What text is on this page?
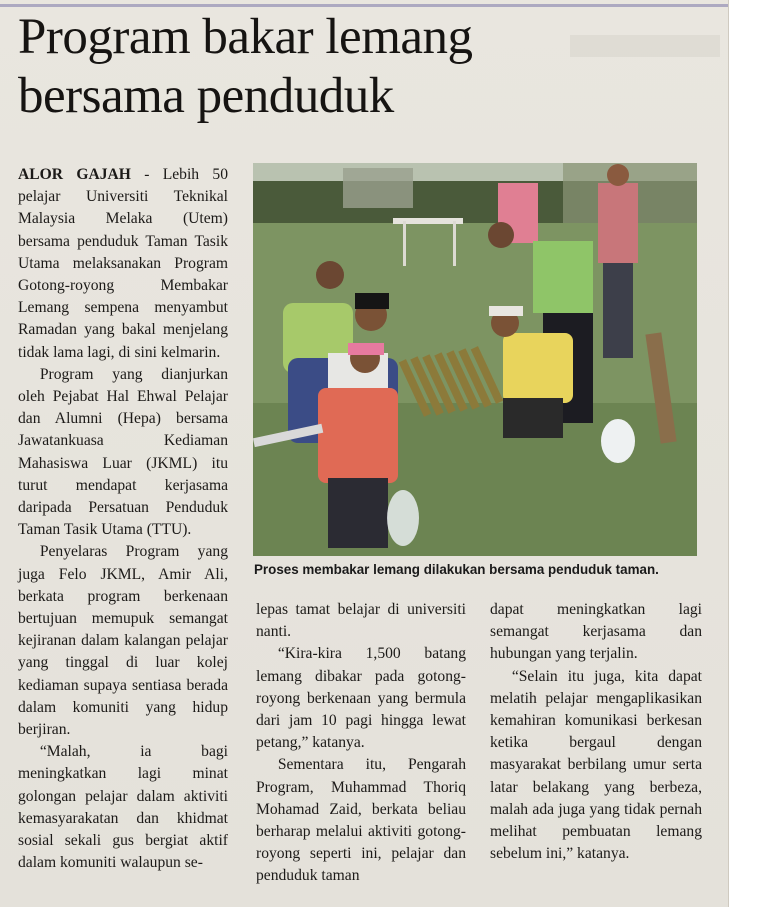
Program bakar lemang
bersama penduduk

ALOR GAJAH - Lebih 50 pelajar Universiti Teknikal Malaysia Melaka (Utem) bersama penduduk Taman Tasik Utama melaksanakan Program Gotong-royong Membakar Lemang sempena menyambut Ramadan yang bakal menjelang tidak lama lagi, di sini kelmarin.

Program yang dianjurkan oleh Pejabat Hal Ehwal Pelajar dan Alumni (Hepa) bersama Jawatankuasa Kediaman Mahasiswa Luar (JKML) itu turut mendapat kerjasama daripada Persatuan Penduduk Taman Tasik Utama (TTU).

Penyelaras Program yang juga Felo JKML, Amir Ali, berkata program berkenaan bertujuan memupuk semangat kejiranan dalam kalangan pelajar yang tinggal di luar kolej kediaman supaya sentiasa berada dalam komuniti yang hidup berjiran.

“Malah, ia bagi meningkatkan lagi minat golongan pelajar dalam aktiviti kemasyarakatan dan khidmat sosial sekali gus bergiat aktif dalam komuniti walaupun se-

Proses membakar lemang dilakukan bersama penduduk taman.

lepas tamat belajar di universiti nanti.

“Kira-kira 1,500 batang lemang dibakar pada gotong-royong berkenaan yang bermula dari jam 10 pagi hingga lewat petang,” katanya.

Sementara itu, Pengarah Program, Muhammad Thoriq Mohamad Zaid, berkata beliau berharap melalui aktiviti gotong-royong seperti ini, pelajar dan penduduk taman

dapat meningkatkan lagi semangat kerjasama dan hubungan yang terjalin.

“Selain itu juga, kita dapat melatih pelajar mengaplikasikan kemahiran komunikasi berkesan ketika bergaul dengan masyarakat berbilang umur serta latar belakang yang berbeza, malah ada juga yang tidak pernah melihat pembuatan lemang sebelum ini,” katanya.
